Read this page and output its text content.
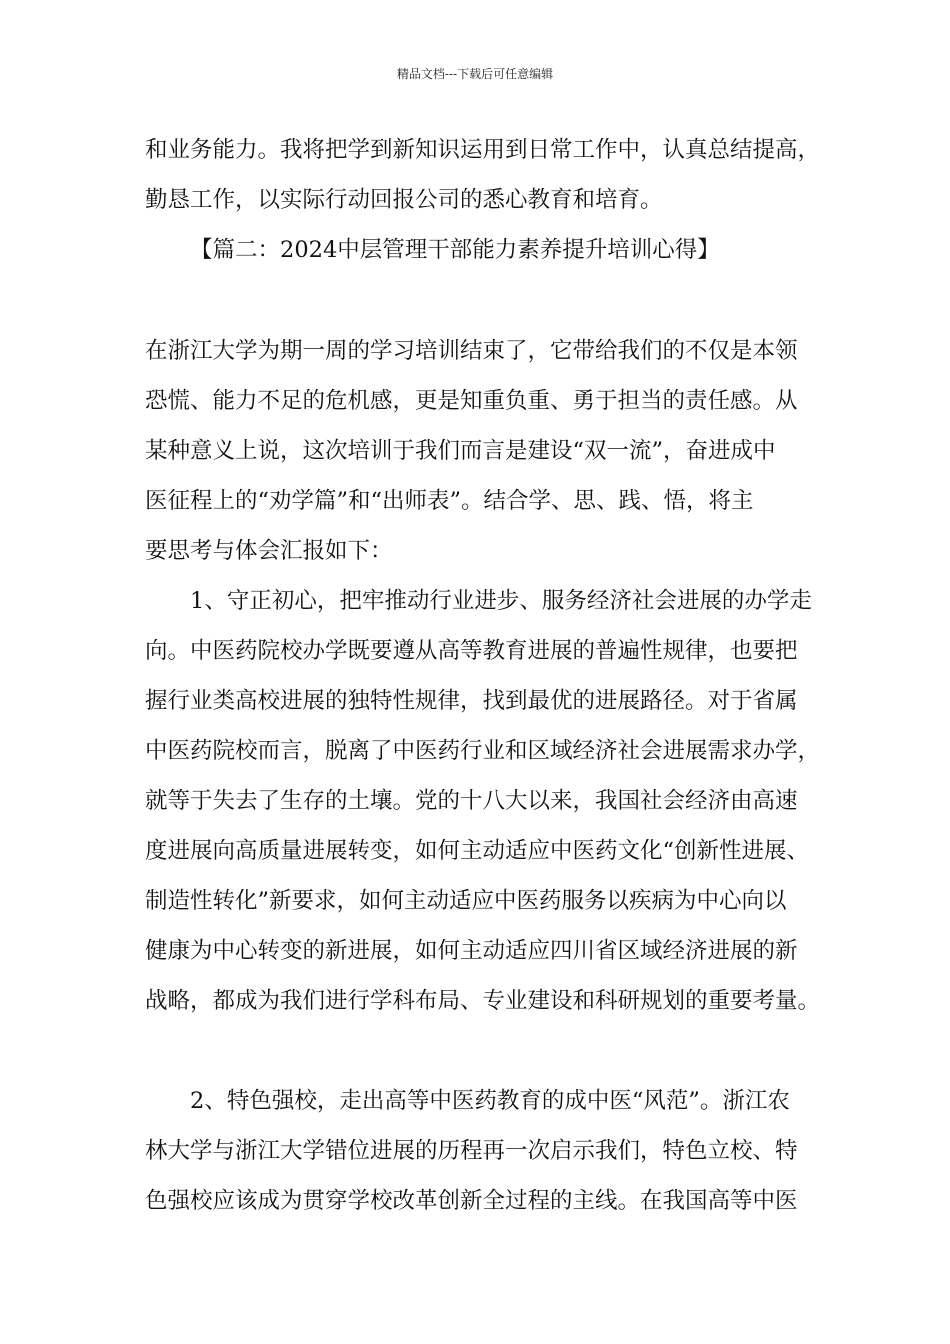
精品文档---下载后可任意编辑
和业务能力。我将把学到新知识运用到日常工作中，认真总结提高，
勤恳工作，以实际行动回报公司的悉心教育和培育。
【篇二：2024中层管理干部能力素养提升培训心得】
在浙江大学为期一周的学习培训结束了，它带给我们的不仅是本领
恐慌、能力不足的危机感，更是知重负重、勇于担当的责任感。从
某种意义上说，这次培训于我们而言是建设“双一流”，奋进成中
医征程上的“劝学篇”和“出师表”。结合学、思、践、悟，将主
要思考与体会汇报如下：
1、守正初心，把牢推动行业进步、服务经济社会进展的办学走
向。中医药院校办学既要遵从高等教育进展的普遍性规律，也要把
握行业类高校进展的独特性规律，找到最优的进展路径。对于省属
中医药院校而言，脱离了中医药行业和区域经济社会进展需求办学，
就等于失去了生存的土壤。党的十八大以来，我国社会经济由高速
度进展向高质量进展转变，如何主动适应中医药文化“创新性进展、
制造性转化”新要求，如何主动适应中医药服务以疾病为中心向以
健康为中心转变的新进展，如何主动适应四川省区域经济进展的新
战略，都成为我们进行学科布局、专业建设和科研规划的重要考量。
2、特色强校，走出高等中医药教育的成中医“风范”。浙江农
林大学与浙江大学错位进展的历程再一次启示我们，特色立校、特
色强校应该成为贯穿学校改革创新全过程的主线。在我国高等中医
